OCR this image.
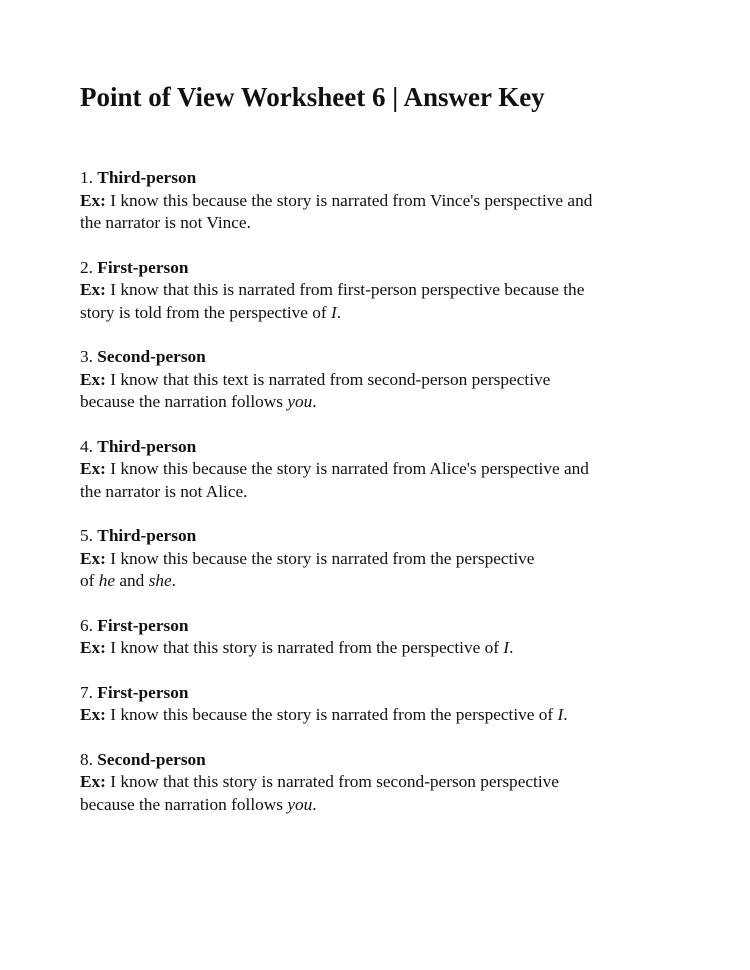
Point of View Worksheet 6 | Answer Key
1. Third-person
Ex: I know this because the story is narrated from Vince's perspective and
the narrator is not Vince.
2. First-person
Ex: I know that this is narrated from first-person perspective because the
story is told from the perspective of I.
3. Second-person
Ex: I know that this text is narrated from second-person perspective
because the narration follows you.
4. Third-person
Ex: I know this because the story is narrated from Alice's perspective and
the narrator is not Alice.
5. Third-person
Ex: I know this because the story is narrated from the perspective
of he and she.
6. First-person
Ex: I know that this story is narrated from the perspective of I.
7. First-person
Ex: I know this because the story is narrated from the perspective of I.
8. Second-person
Ex: I know that this story is narrated from second-person perspective
because the narration follows you.
